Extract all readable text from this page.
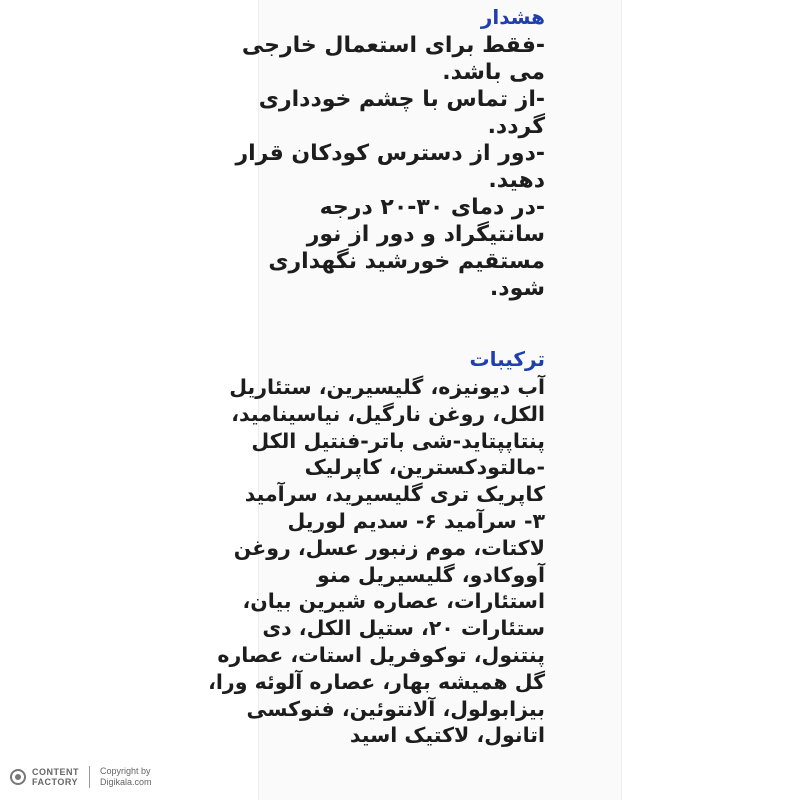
هشدار
-فقط برای استعمال خارجی
می باشد.
-از تماس با چشم خودداری
گردد.
-دور از دسترس کودکان قرار
دهید.
-در دمای ۳۰-۲۰ درجه
سانتیگراد و دور از نور
مستقیم خورشید نگهداری
شود.
ترکیبات
آب دیونیزه، گلیسیرین، ستئاریل
الکل، روغن نارگیل، نیاسینامید،
پنتاپپتاید-شی باتر-فنتیل الکل
-مالتودکسترین، کاپرلیک
کاپریک تری گلیسیرید، سرآمید
۳- سرآمید ۶- سدیم لوریل
لاکتات، موم زنبور عسل، روغن
آووکادو، گلیسیریل منو
استئارات، عصاره شیرین بیان،
ستئارات ۲۰، ستیل الکل، دی
پنتنول، توکوفریل استات، عصاره
گل همیشه بهار، عصاره آلوئه ورا،
بیزابولول، آلانتوئین، فنوکسی
اتانول، لاکتیک اسید
CONTENT
FACTORY
Copyright by
Digikala.com
